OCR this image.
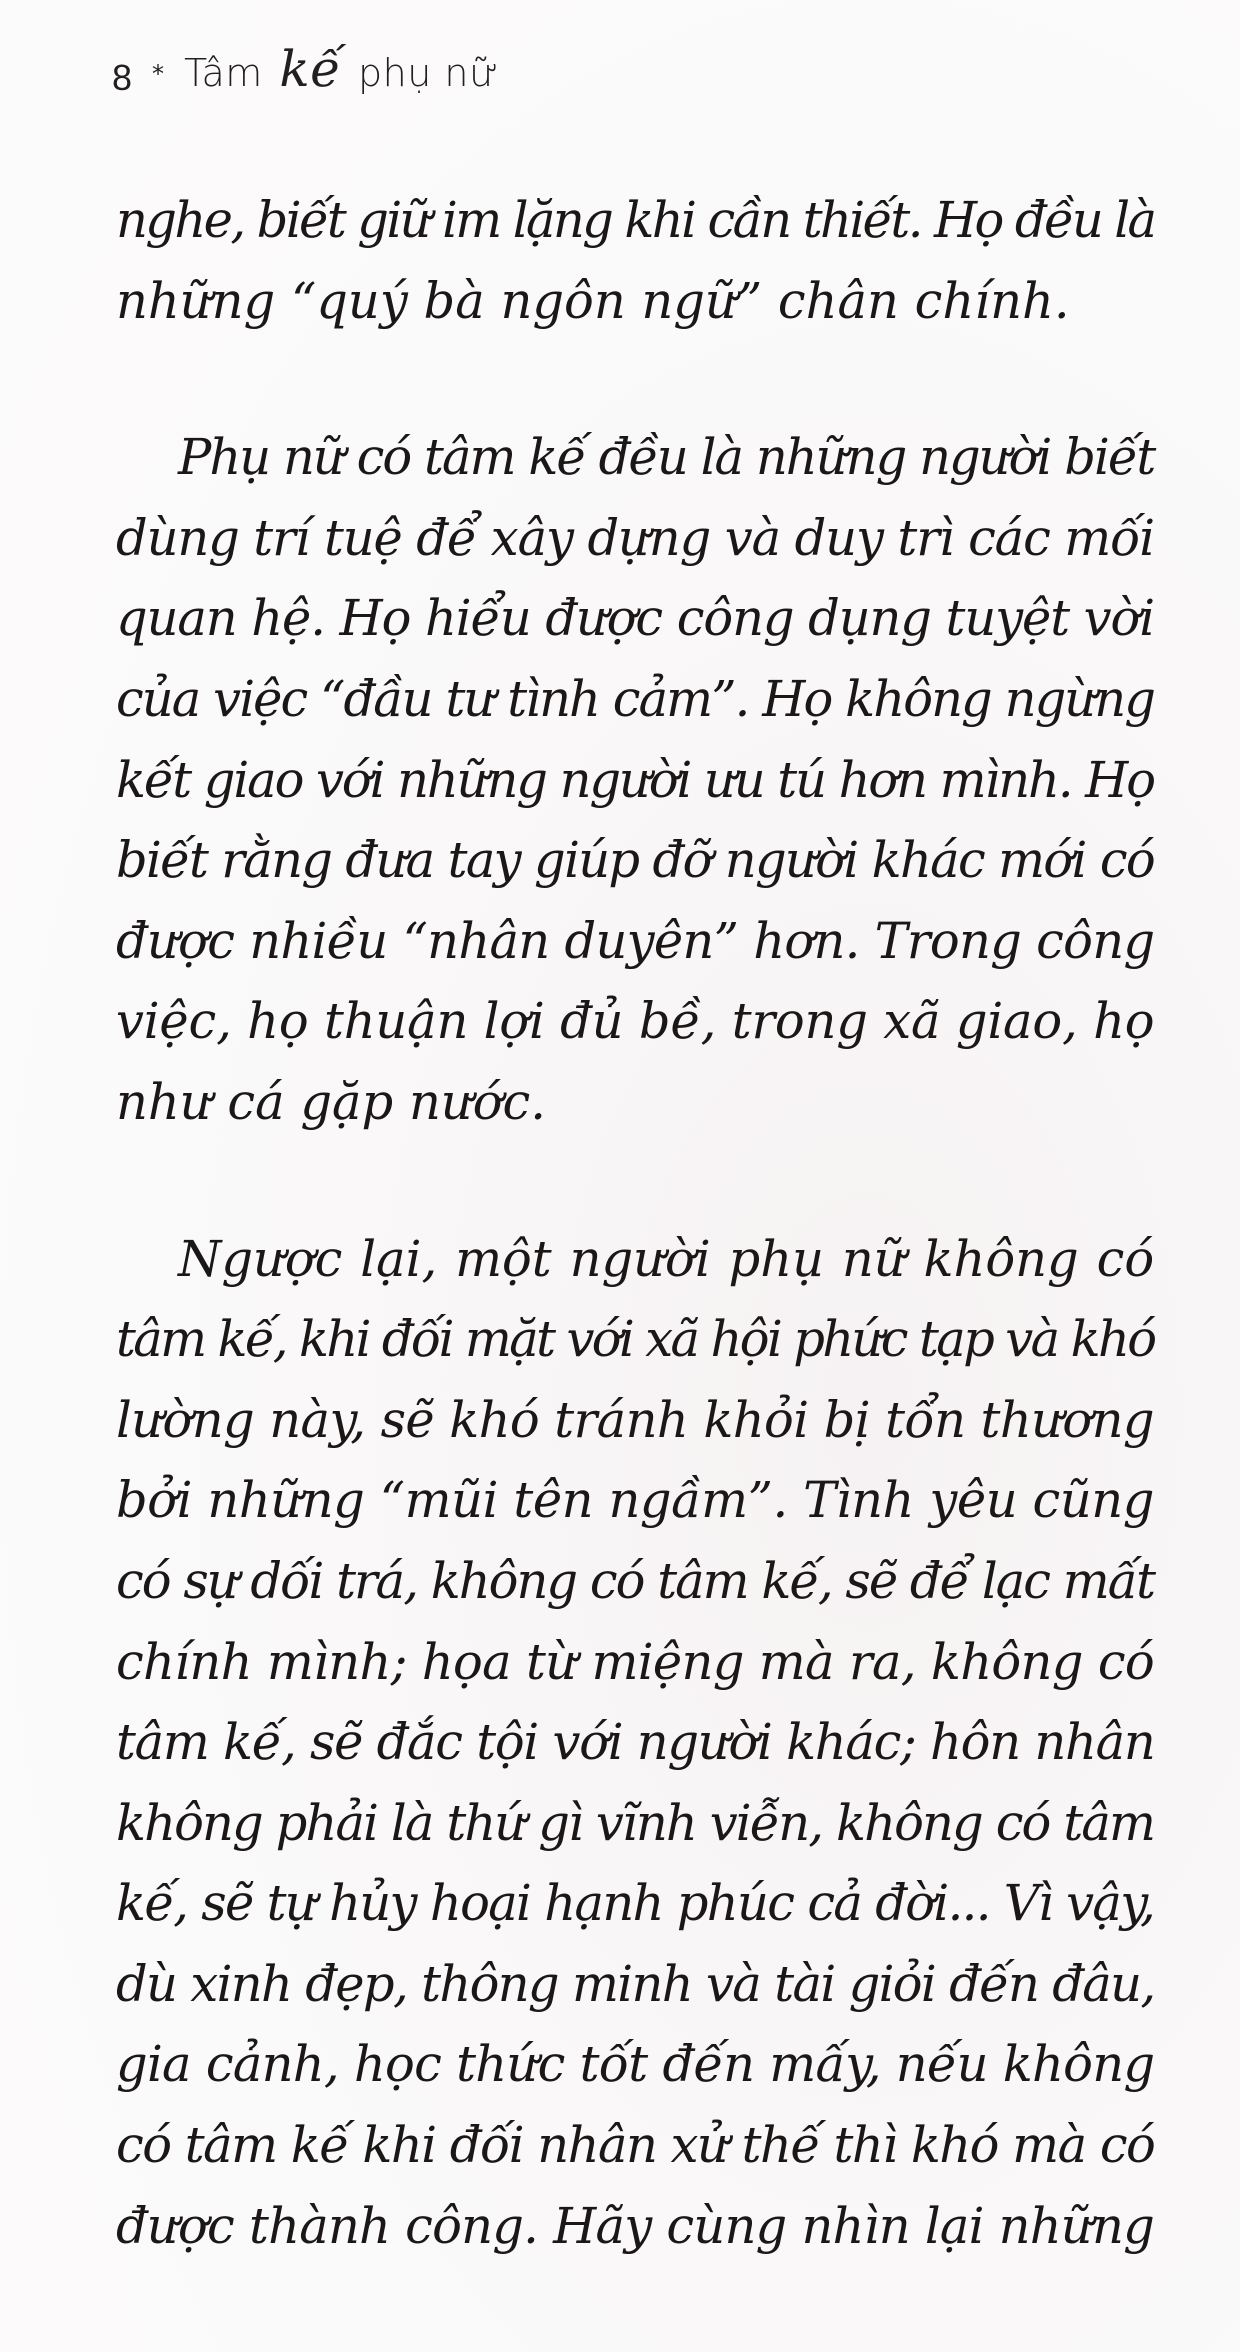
8 * Tâm kế phụ nữ
nghe, biết giữ im lặng khi cần thiết. Họ đều là
những “quý bà ngôn ngữ” chân chính.
Phụ nữ có tâm kế đều là những người biết
dùng trí tuệ để xây dựng và duy trì các mối
quan hệ. Họ hiểu được công dụng tuyệt vời
của việc “đầu tư tình cảm”. Họ không ngừng
kết giao với những người ưu tú hơn mình. Họ
biết rằng đưa tay giúp đỡ người khác mới có
được nhiều “nhân duyên” hơn. Trong công
việc, họ thuận lợi đủ bề, trong xã giao, họ
như cá gặp nước.
Ngược lại, một người phụ nữ không có
tâm kế, khi đối mặt với xã hội phức tạp và khó
lường này, sẽ khó tránh khỏi bị tổn thương
bởi những “mũi tên ngầm”. Tình yêu cũng
có sự dối trá, không có tâm kế, sẽ để lạc mất
chính mình; họa từ miệng mà ra, không có
tâm kế, sẽ đắc tội với người khác; hôn nhân
không phải là thứ gì vĩnh viễn, không có tâm
kế, sẽ tự hủy hoại hạnh phúc cả đời... Vì vậy,
dù xinh đẹp, thông minh và tài giỏi đến đâu,
gia cảnh, học thức tốt đến mấy, nếu không
có tâm kế khi đối nhân xử thế thì khó mà có
được thành công. Hãy cùng nhìn lại những
